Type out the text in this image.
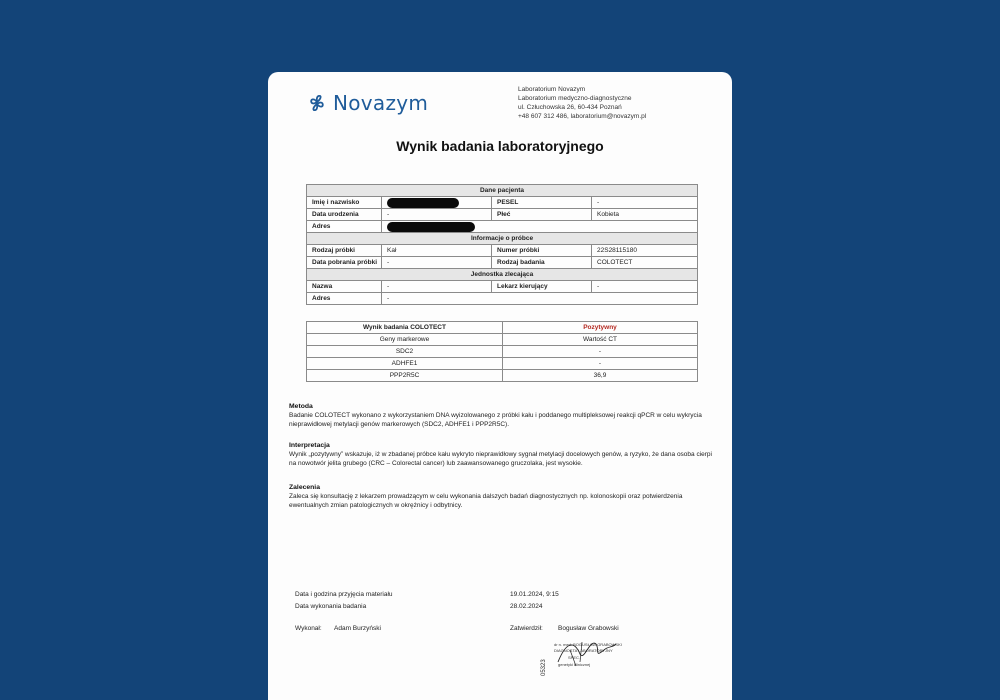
Novazym
Laboratorium Novazym
Laboratorium medyczno-diagnostyczne
ul. Człuchowska 26, 60-434 Poznań
+48 607 312 486, laboratorium@novazym.pl
Wynik badania laboratoryjnego
Dane pacjenta			
Imię i nazwisko		PESEL	-
Data urodzenia	-	Płeć	Kobieta
Adres			
Informacje o próbce			
Rodzaj próbki	Kał	Numer próbki	22S28115180
Data pobrania próbki	-	Rodzaj badania	COLOTECT
Jednostka zlecająca			
Nazwa	-	Lekarz kierujący	-
Adres	-		
Wynik badania COLOTECT	Pozytywny
Geny markerowe	Wartość CT
SDC2	-
ADHFE1	-
PPP2R5C	36,9
Metoda

Badanie COLOTECT wykonano z wykorzystaniem DNA wyizolowanego z próbki kału i poddanego multipleksowej reakcji qPCR w celu wykrycia nieprawidłowej metylacji genów markerowych (SDC2, ADHFE1 i PPP2R5C).

Interpretacja

Wynik „pozytywny” wskazuje, iż w zbadanej próbce kału wykryto nieprawidłowy sygnał metylacji docelowych genów, a ryzyko, że dana osoba cierpi na nowotwór jelita grubego (CRC – Colorectal cancer) lub zaawansowanego gruczolaka, jest wysokie.

Zalecenia

Zaleca się konsultację z lekarzem prowadzącym w celu wykonania dalszych badań diagnostycznych np. kolonoskopii oraz potwierdzenia ewentualnych zmian patologicznych w okrężnicy i odbytnicy.

Data i godzina przyjęcia materiału	19.01.2024, 9:15
Data wykonania badania	28.02.2024
Wykonał: Adam Burzyński	Zatwierdził: Bogusław Grabowski
05323
dr n. med. BOGUSŁAW GRABOWSKI
DIAGNOSTA LABORATORYJNY
SPEC.
genetyki klinicznej
